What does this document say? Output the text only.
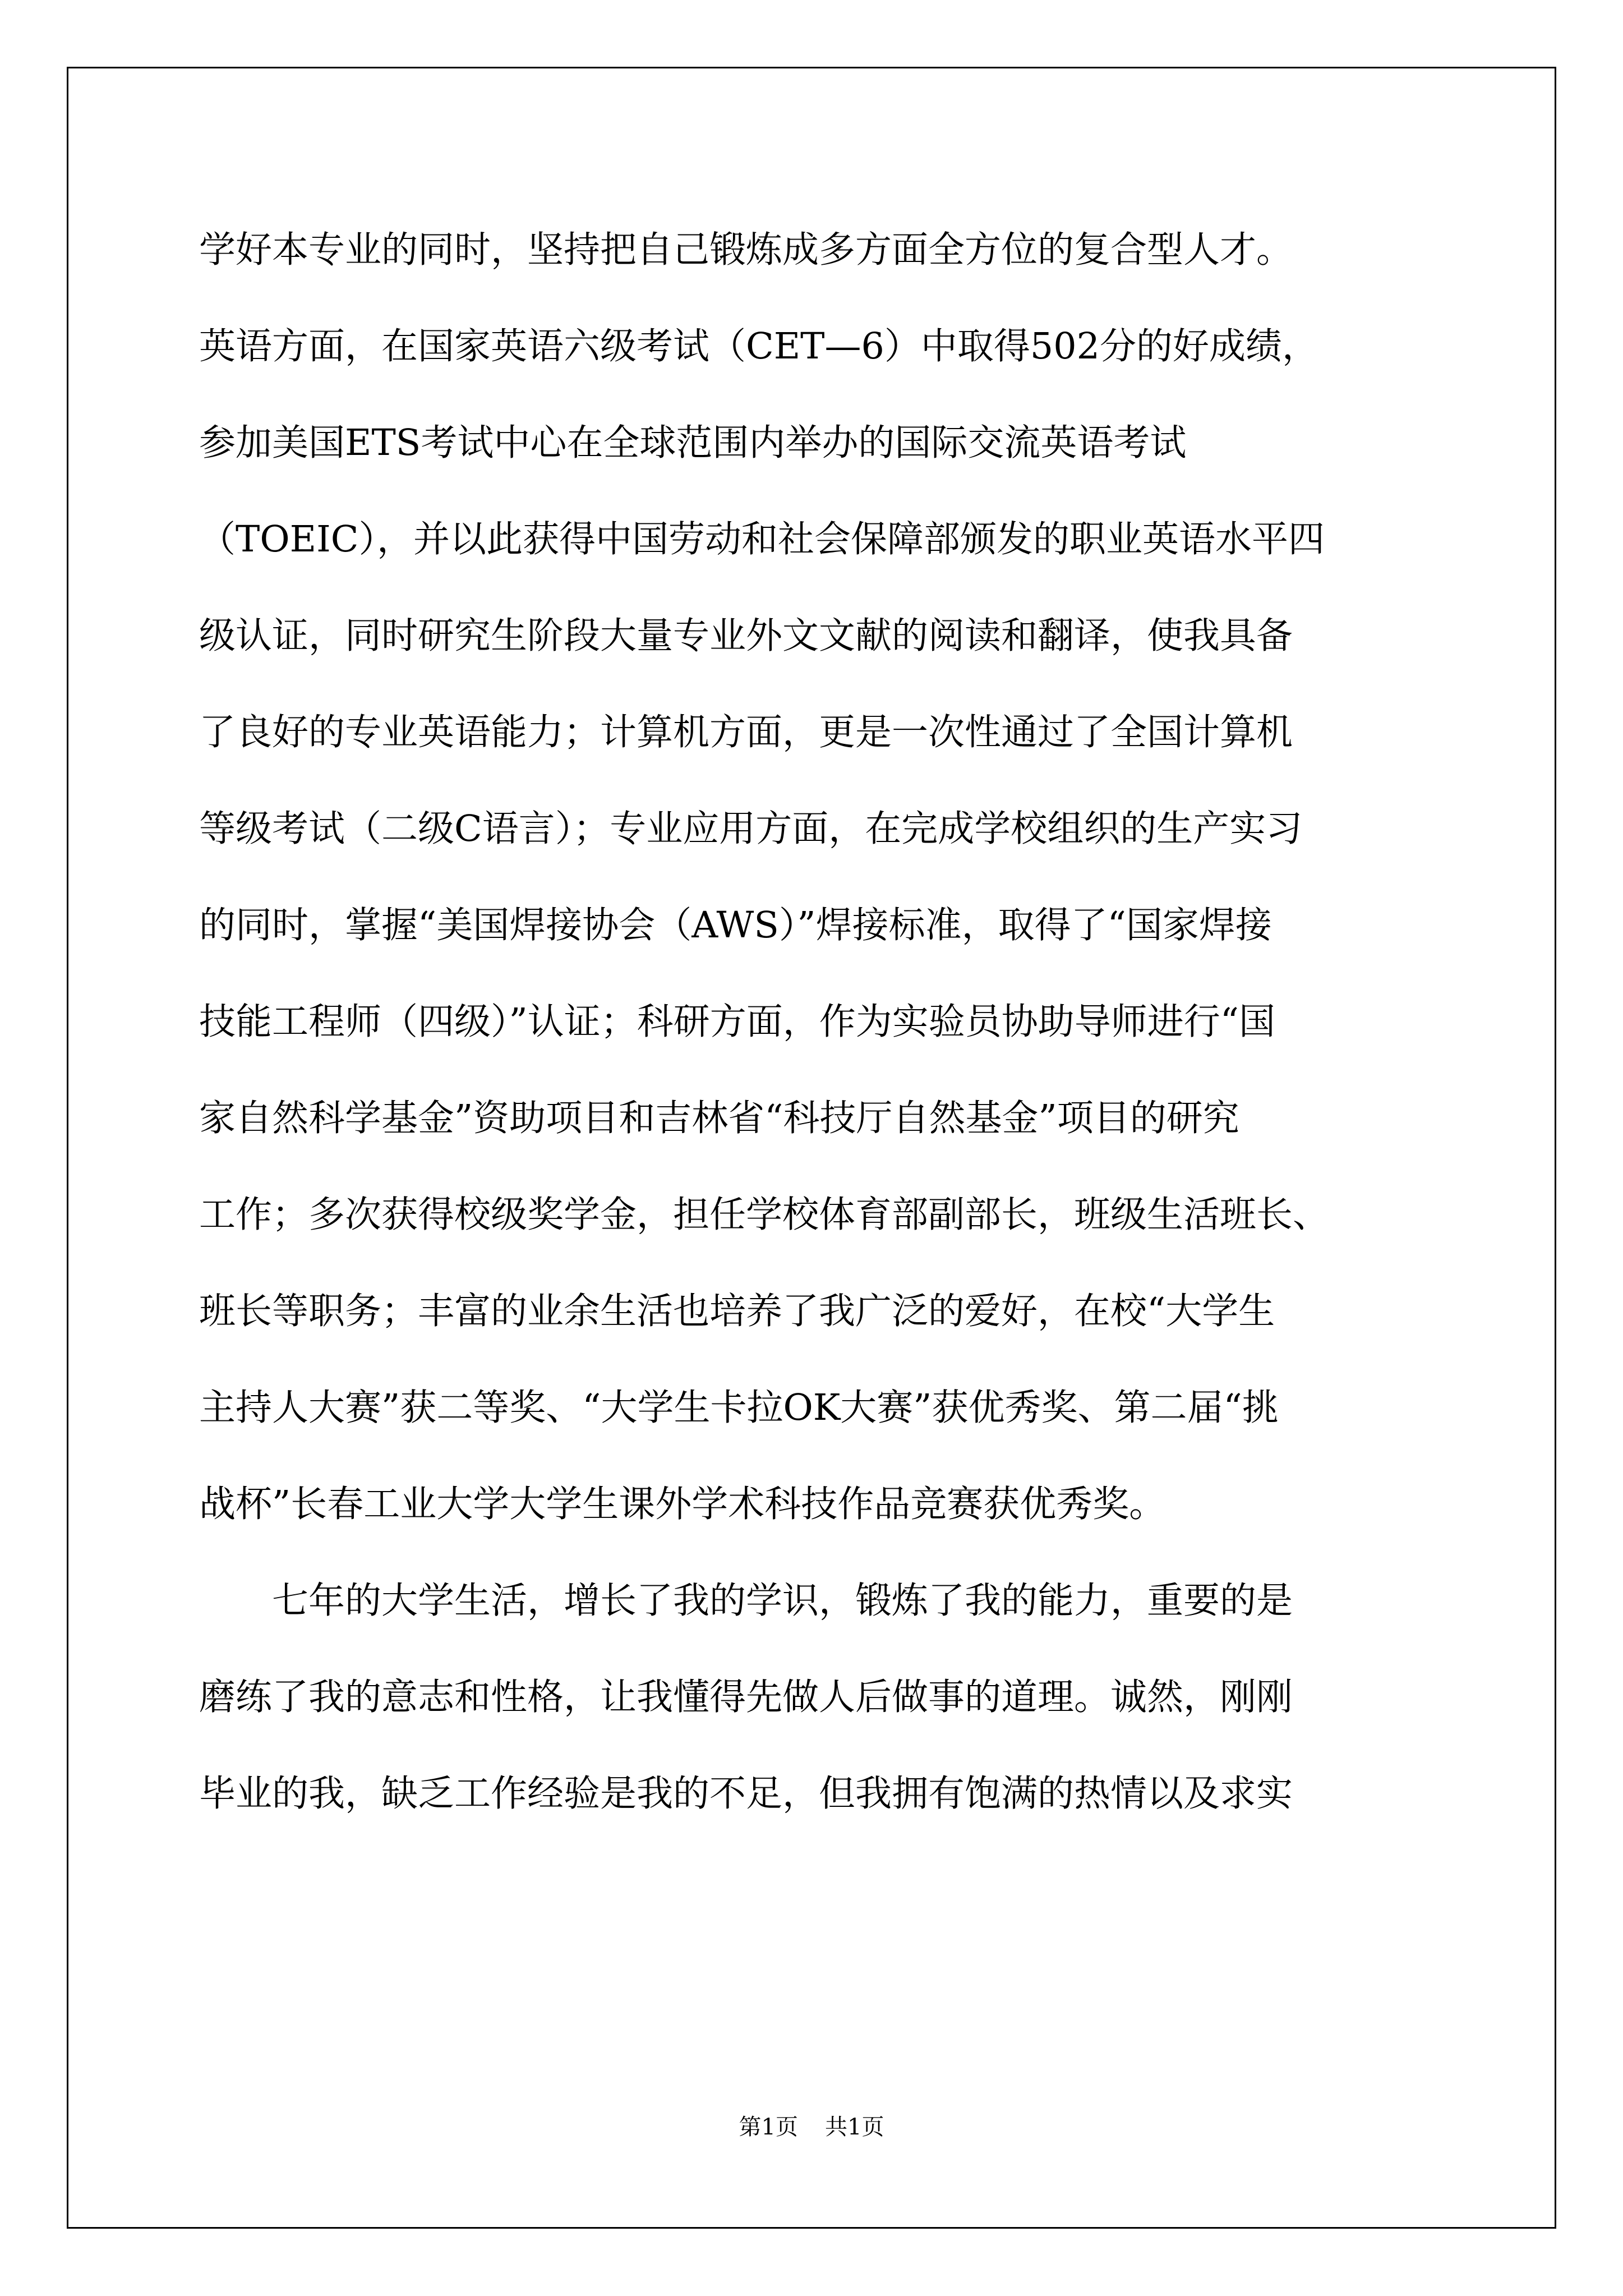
学好本专业的同时，坚持把自己锻炼成多方面全方位的复合型人才。
英语方面，在国家英语六级考试（CET—6）中取得502分的好成绩，
参加美国ETS考试中心在全球范围内举办的国际交流英语考试
（TOEIC），并以此获得中国劳动和社会保障部颁发的职业英语水平四
级认证，同时研究生阶段大量专业外文文献的阅读和翻译，使我具备
了良好的专业英语能力；计算机方面，更是一次性通过了全国计算机
等级考试（二级C语言）；专业应用方面，在完成学校组织的生产实习
的同时，掌握“美国焊接协会（AWS）”焊接标准，取得了“国家焊接
技能工程师（四级）”认证；科研方面，作为实验员协助导师进行“国
家自然科学基金”资助项目和吉林省“科技厅自然基金”项目的研究
工作；多次获得校级奖学金，担任学校体育部副部长，班级生活班长、
班长等职务；丰富的业余生活也培养了我广泛的爱好，在校“大学生
主持人大赛”获二等奖、“大学生卡拉OK大赛”获优秀奖、第二届“挑
战杯”长春工业大学大学生课外学术科技作品竞赛获优秀奖。
七年的大学生活，增长了我的学识，锻炼了我的能力，重要的是
磨练了我的意志和性格，让我懂得先做人后做事的道理。诚然，刚刚
毕业的我，缺乏工作经验是我的不足，但我拥有饱满的热情以及求实
第1页 共1页
